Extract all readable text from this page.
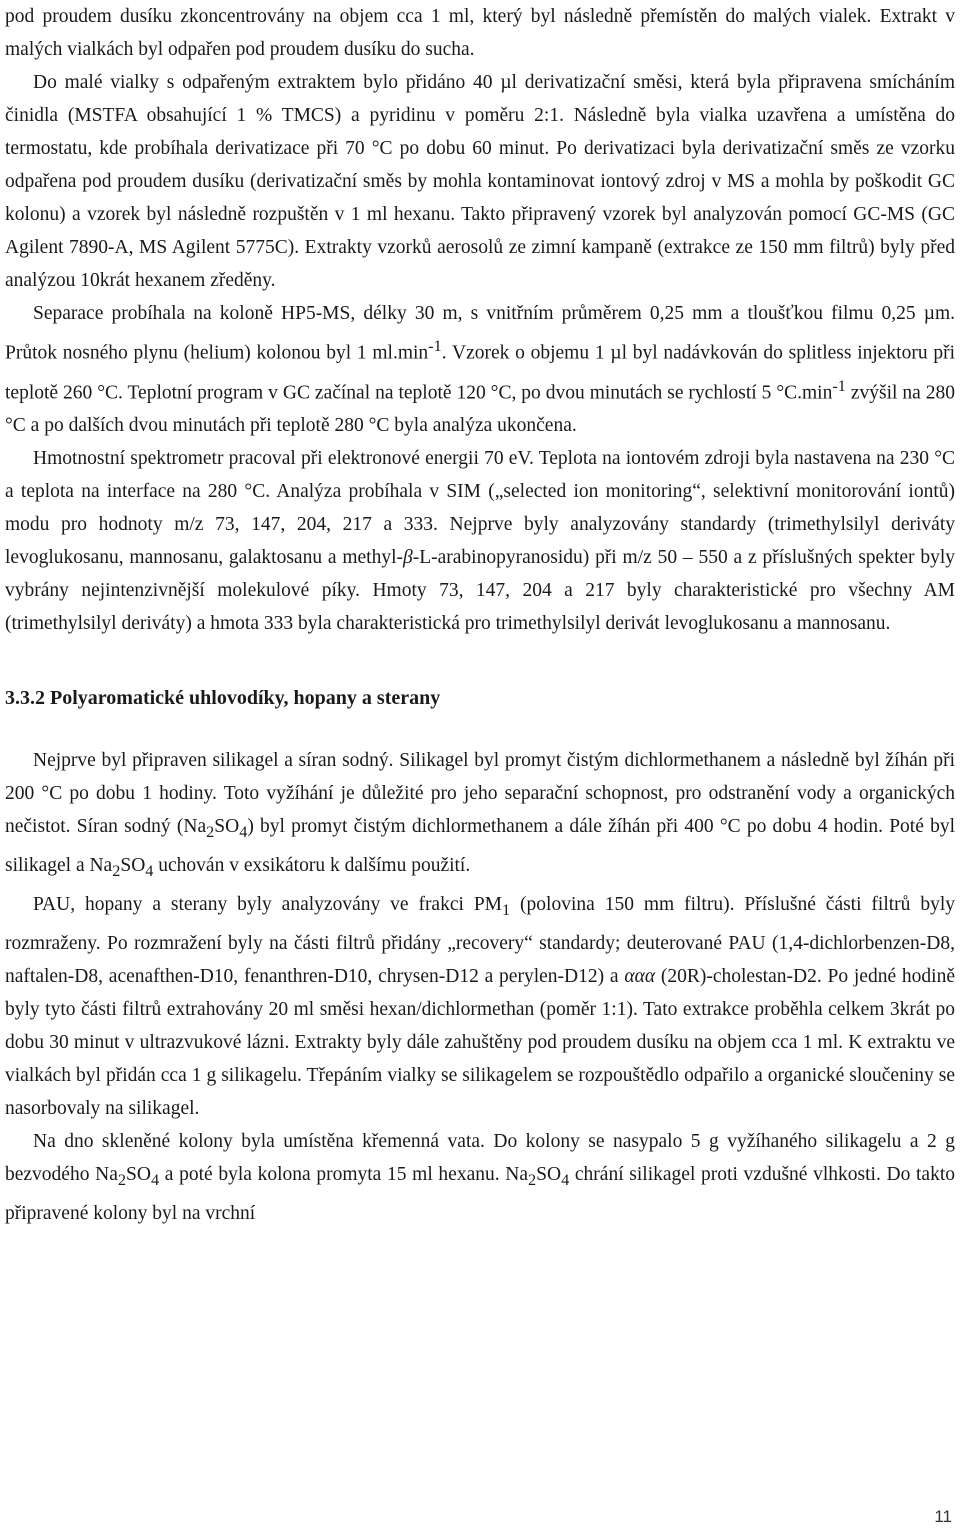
pod proudem dusíku zkoncentrovány na objem cca 1 ml, který byl následně přemístěn do malých vialek. Extrakt v malých vialkách byl odpařen pod proudem dusíku do sucha.

Do malé vialky s odpařeným extraktem bylo přidáno 40 µl derivatizační směsi, která byla připravena smícháním činidla (MSTFA obsahující 1 % TMCS) a pyridinu v poměru 2:1. Následně byla vialka uzavřena a umístěna do termostatu, kde probíhala derivatizace při 70 °C po dobu 60 minut. Po derivatizaci byla derivatizační směs ze vzorku odpařena pod proudem dusíku (derivatizační směs by mohla kontaminovat iontový zdroj v MS a mohla by poškodit GC kolonu) a vzorek byl následně rozpuštěn v 1 ml hexanu. Takto připravený vzorek byl analyzován pomocí GC-MS (GC Agilent 7890-A, MS Agilent 5775C). Extrakty vzorků aerosolů ze zimní kampaně (extrakce ze 150 mm filtrů) byly před analýzou 10krát hexanem zředěny.

Separace probíhala na koloně HP5-MS, délky 30 m, s vnitřním průměrem 0,25 mm a tloušťkou filmu 0,25 µm. Průtok nosného plynu (helium) kolonou byl 1 $ml.\min^{-1}$. Vzorek o objemu 1 µl byl nadávkován do splitless injektoru při teplotě 260 °C. Teplotní program v GC začínal na teplotě 120 °C, po dvou minutách se rychlostí 5 $^\circ C.\min^{-1}$ zvýšil na 280 °C a po dalších dvou minutách při teplotě 280 °C byla analýza ukončena.

Hmotnostní spektrometr pracoval při elektronové energii 70 eV. Teplota na iontovém zdroji byla nastavena na 230 °C a teplota na interface na 280 °C. Analýza probíhala v SIM („selected ion monitoring“, selektivní monitorování iontů) modu pro hodnoty m/z 73, 147, 204, 217 a 333. Nejprve byly analyzovány standardy (trimethylsilyl deriváty levoglukosanu, mannosanu, galaktosanu a methyl-β-L-arabinopyranosidu) při m/z 50 – 550 a z příslušných spekter byly vybrány nejintenzivnější molekulové píky. Hmoty 73, 147, 204 a 217 byly charakteristické pro všechny AM (trimethylsilyl deriváty) a hmota 333 byla charakteristická pro trimethylsilyl derivát levoglukosanu a mannosanu.

3.3.2 Polyaromatické uhlovodíky, hopany a sterany

Nejprve byl připraven silikagel a síran sodný. Silikagel byl promyt čistým dichlormethanem a následně byl žíhán při 200 °C po dobu 1 hodiny. Toto vyžíhání je důležité pro jeho separační schopnost, pro odstranění vody a organických nečistot. Síran sodný $(Na_2SO_4)$ byl promyt čistým dichlormethanem a dále žíhán při 400 °C po dobu 4 hodin. Poté byl silikagel a $Na_2SO_4$ uchován v exsikátoru k dalšímu použití.

PAU, hopany a sterany byly analyzovány ve frakci $PM_1$ (polovina 150 mm filtru). Příslušné části filtrů byly rozmraženy. Po rozmražení byly na části filtrů přidány „recovery“ standardy; deuterované PAU (1,4-dichlorbenzen-D8, naftalen-D8, acenafthen-D10, fenanthren-D10, chrysen-D12 a perylen-D12) a ααα (20R)-cholestan-D2. Po jedné hodině byly tyto části filtrů extrahovány 20 ml směsi hexan/dichlormethan (poměr 1:1). Tato extrakce proběhla celkem 3krát po dobu 30 minut v ultrazvukové lázni. Extrakty byly dále zahuštěny pod proudem dusíku na objem cca 1 ml. K extraktu ve vialkách byl přidán cca 1 g silikagelu. Třepáním vialky se silikagelem se rozpouštědlo odpařilo a organické sloučeniny se nasorbovaly na silikagel.

Na dno skleněné kolony byla umístěna křemenná vata. Do kolony se nasypalo 5 g vyžíhaného silikagelu a 2 g bezvodého $Na_2SO_4$ a poté byla kolona promyta 15 ml hexanu. $Na_2SO_4$ chrání silikagel proti vzdušné vlhkosti. Do takto připravené kolony byl na vrchní

11
